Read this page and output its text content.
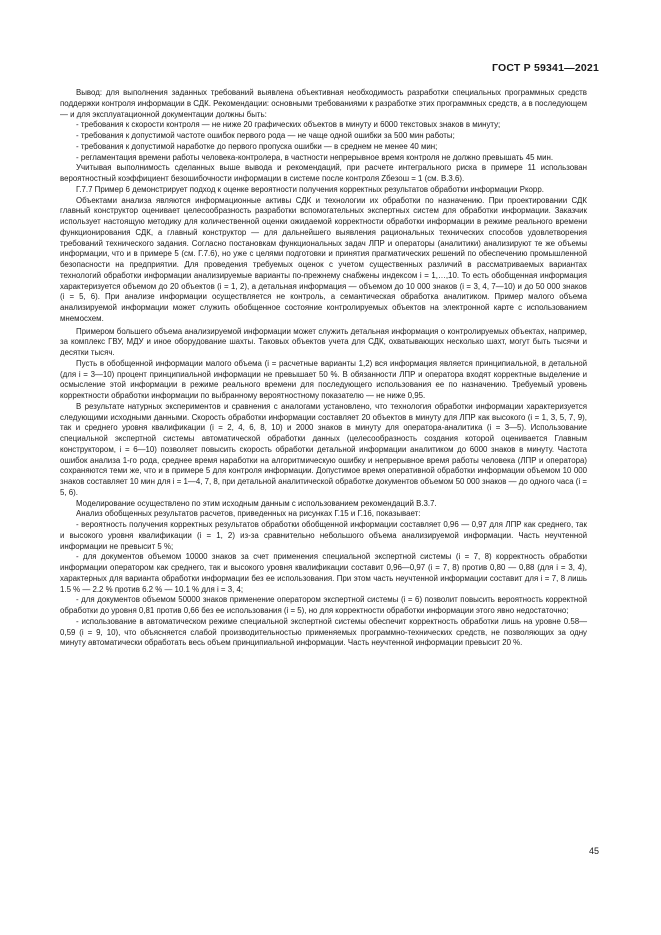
ГОСТ Р 59341—2021

Вывод: для выполнения заданных требований выявлена объективная необходимость разработки специальных программных средств поддержки контроля информации в СДК. Рекомендации: основными требованиями к разработке этих программных средств, а в последующем — и для эксплуатационной документации должны быть:

- требования к скорости контроля — не ниже 20 графических объектов в минуту и 6000 текстовых знаков в минуту;

- требования к допустимой частоте ошибок первого рода — не чаще одной ошибки за 500 мин работы;

- требования к допустимой наработке до первого пропуска ошибки — в среднем не менее 40 мин;

- регламентация времени работы человека-контролера, в частности непрерывное время контроля не должно превышать 45 мин.

Учитывая выполнимость сделанных выше вывода и рекомендаций, при расчете интегрального риска в примере 11 использован вероятностный коэффициент безошибочности информации в системе после контроля Zбезош = 1 (см. В.3.6).

Г.7.7 Пример 6 демонстрирует подход к оценке вероятности получения корректных результатов обработки информации Pкорр.

Объектами анализа являются информационные активы СДК и технологии их обработки по назначению. При проектировании СДК главный конструктор оценивает целесообразность разработки вспомогательных экспертных систем для обработки информации. Заказчик использует настоящую методику для количественной оценки ожидаемой корректности обработки информации в режиме реального времени функционирования СДК, а главный конструктор — для дальнейшего выявления рациональных технических способов удовлетворения требований технического задания. Согласно постановкам функциональных задач ЛПР и операторы (аналитики) анализируют те же объемы информации, что и в примере 5 (см. Г.7.6), но уже с целями подготовки и принятия прагматических решений по обеспечению промышленной безопасности на предприятии. Для проведения требуемых оценок с учетом существенных различий в рассматриваемых вариантах технологий обработки информации анализируемые варианты по-прежнему снабжены индексом i = 1,…,10. То есть обобщенная информация характеризуется объемом до 20 объектов (i = 1, 2), а детальная информация — объемом до 10 000 знаков (i = 3, 4, 7—10) и до 50 000 знаков (i = 5, 6). При анализе информации осуществляется не контроль, а семантическая обработка аналитиком. Пример малого объема анализируемой информации может служить обобщенное состояние контролируемых объектов на электронной карте с использованием мнемосхем.

Примером большего объема анализируемой информации может служить детальная информация о контролируемых объектах, например, за комплекс ГВУ, МДУ и иное оборудование шахты. Таковых объектов учета для СДК, охватывающих несколько шахт, могут быть тысячи и десятки тысяч.

Пусть в обобщенной информации малого объема (i = расчетные варианты 1,2) вся информация является принципиальной, в детальной (для i = 3—10) процент принципиальной информации не превышает 50 %. В обязанности ЛПР и оператора входят корректные выделение и осмысление этой информации в режиме реального времени для последующего использования ее по назначению. Требуемый уровень корректности обработки информации по выбранному вероятностному показателю — не ниже 0,95.

В результате натурных экспериментов и сравнения с аналогами установлено, что технология обработки информации характеризуется следующими исходными данными. Скорость обработки информации составляет 20 объектов в минуту для ЛПР как высокого (i = 1, 3, 5, 7, 9), так и среднего уровня квалификации (i = 2, 4, 6, 8, 10) и 2000 знаков в минуту для оператора-аналитика (i = 3—5). Использование специальной экспертной системы автоматической обработки данных (целесообразность создания которой оценивается Главным конструктором, i = 6—10) позволяет повысить скорость обработки детальной информации аналитиком до 6000 знаков в минуту. Частота ошибок анализа 1-го рода, среднее время наработки на алгоритмическую ошибку и непрерывное время работы человека (ЛПР и оператора) сохраняются теми же, что и в примере 5 для контроля информации. Допустимое время оперативной обработки информации объемом 10 000 знаков составляет 10 мин для i = 1—4, 7, 8, при детальной аналитической обработке документов объемом 50 000 знаков — до одного часа (i = 5, 6).

Моделирование осуществлено по этим исходным данным с использованием рекомендаций В.3.7.

Анализ обобщенных результатов расчетов, приведенных на рисунках Г.15 и Г.16, показывает:

- вероятность получения корректных результатов обработки обобщенной информации составляет 0,96 — 0,97 для ЛПР как среднего, так и высокого уровня квалификации (i = 1, 2) из-за сравнительно небольшого объема анализируемой информации. Часть неучтенной информации не превысит 5 %;

- для документов объемом 10000 знаков за счет применения специальной экспертной системы (i = 7, 8) корректность обработки информации оператором как среднего, так и высокого уровня квалификации составит 0,96—0,97 (i = 7, 8) против 0,80 — 0,88 (для i = 3, 4), характерных для варианта обработки информации без ее использования. При этом часть неучтенной информации составит для i = 7, 8 лишь 1.5 % — 2.2 % против 6.2 % — 10.1 % для i = 3, 4;

- для документов объемом 50000 знаков применение оператором экспертной системы (i = 6) позволит повысить вероятность корректной обработки до уровня 0,81 против 0,66 без ее использования (i = 5), но для корректности обработки информации этого явно недостаточно;

- использование в автоматическом режиме специальной экспертной системы обеспечит корректность обработки лишь на уровне 0.58—0,59 (i = 9, 10), что объясняется слабой производительностью применяемых программно-технических средств, не позволяющих за одну минуту автоматически обработать весь объем принципиальной информации. Часть неучтенной информации превысит 20 %.

45
